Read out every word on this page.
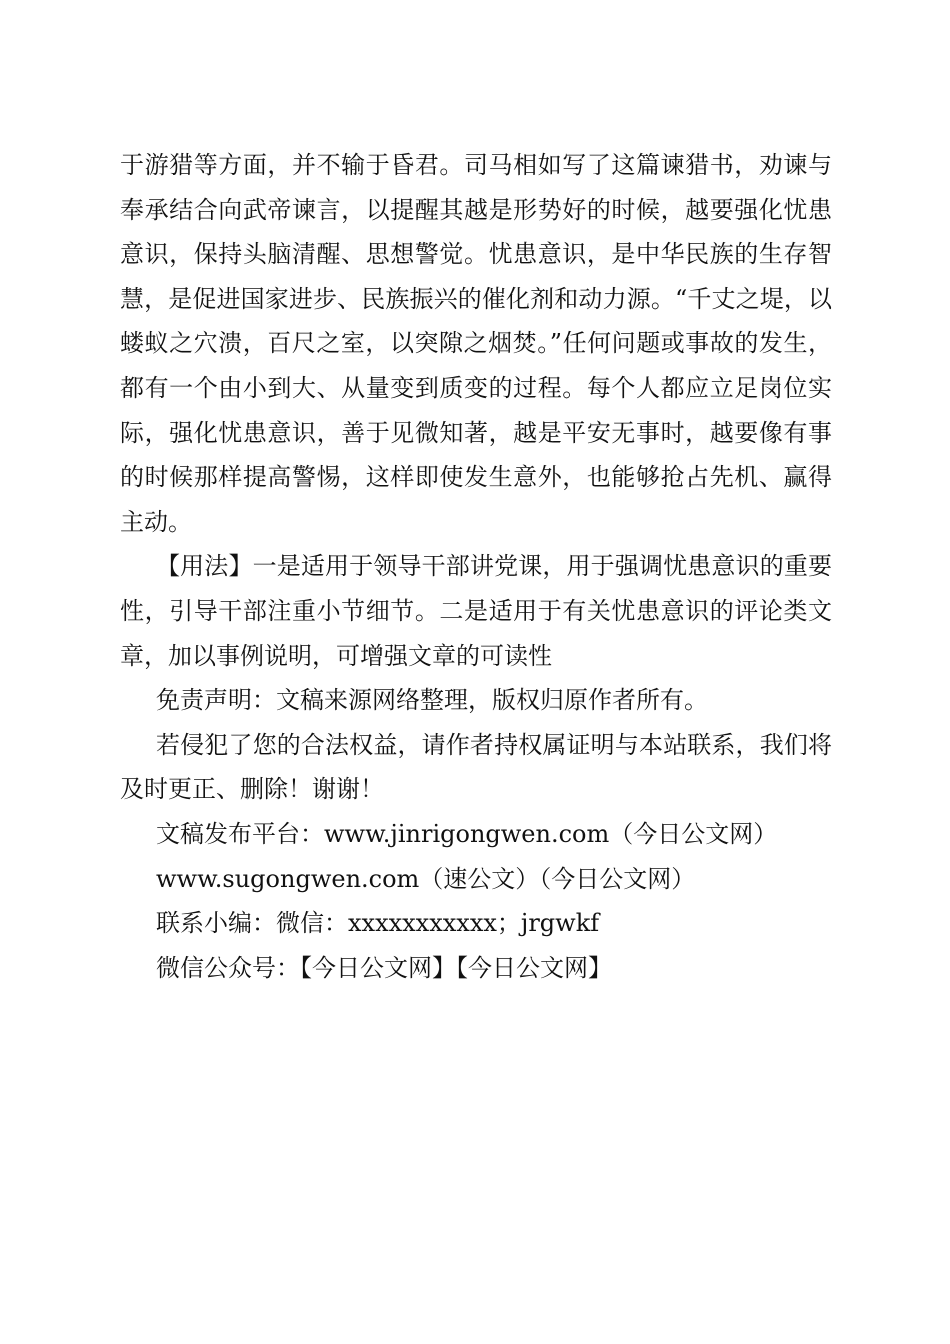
于游猎等方面，并不输于昏君。司马相如写了这篇谏猎书，劝谏与奉承结合向武帝谏言，以提醒其越是形势好的时候，越要强化忧患意识，保持头脑清醒、思想警觉。忧患意识，是中华民族的生存智慧，是促进国家进步、民族振兴的催化剂和动力源。“千丈之堤，以蝼蚁之穴溃，百尺之室，以突隙之烟焚。”任何问题或事故的发生，都有一个由小到大、从量变到质变的过程。每个人都应立足岗位实际，强化忧患意识，善于见微知著，越是平安无事时，越要像有事的时候那样提高警惕，这样即使发生意外，也能够抢占先机、赢得主动。

【用法】一是适用于领导干部讲党课，用于强调忧患意识的重要性，引导干部注重小节细节。二是适用于有关忧患意识的评论类文章，加以事例说明，可增强文章的可读性

免责声明：文稿来源网络整理，版权归原作者所有。

若侵犯了您的合法权益，请作者持权属证明与本站联系，我们将及时更正、删除！谢谢！

文稿发布平台：www.jinrigongwen.com（今日公文网）
www.sugongwen.com（速公文）（今日公文网）
联系小编：微信：xxxxxxxxxxx；jrgwkf
微信公众号：【今日公文网】【今日公文网】
